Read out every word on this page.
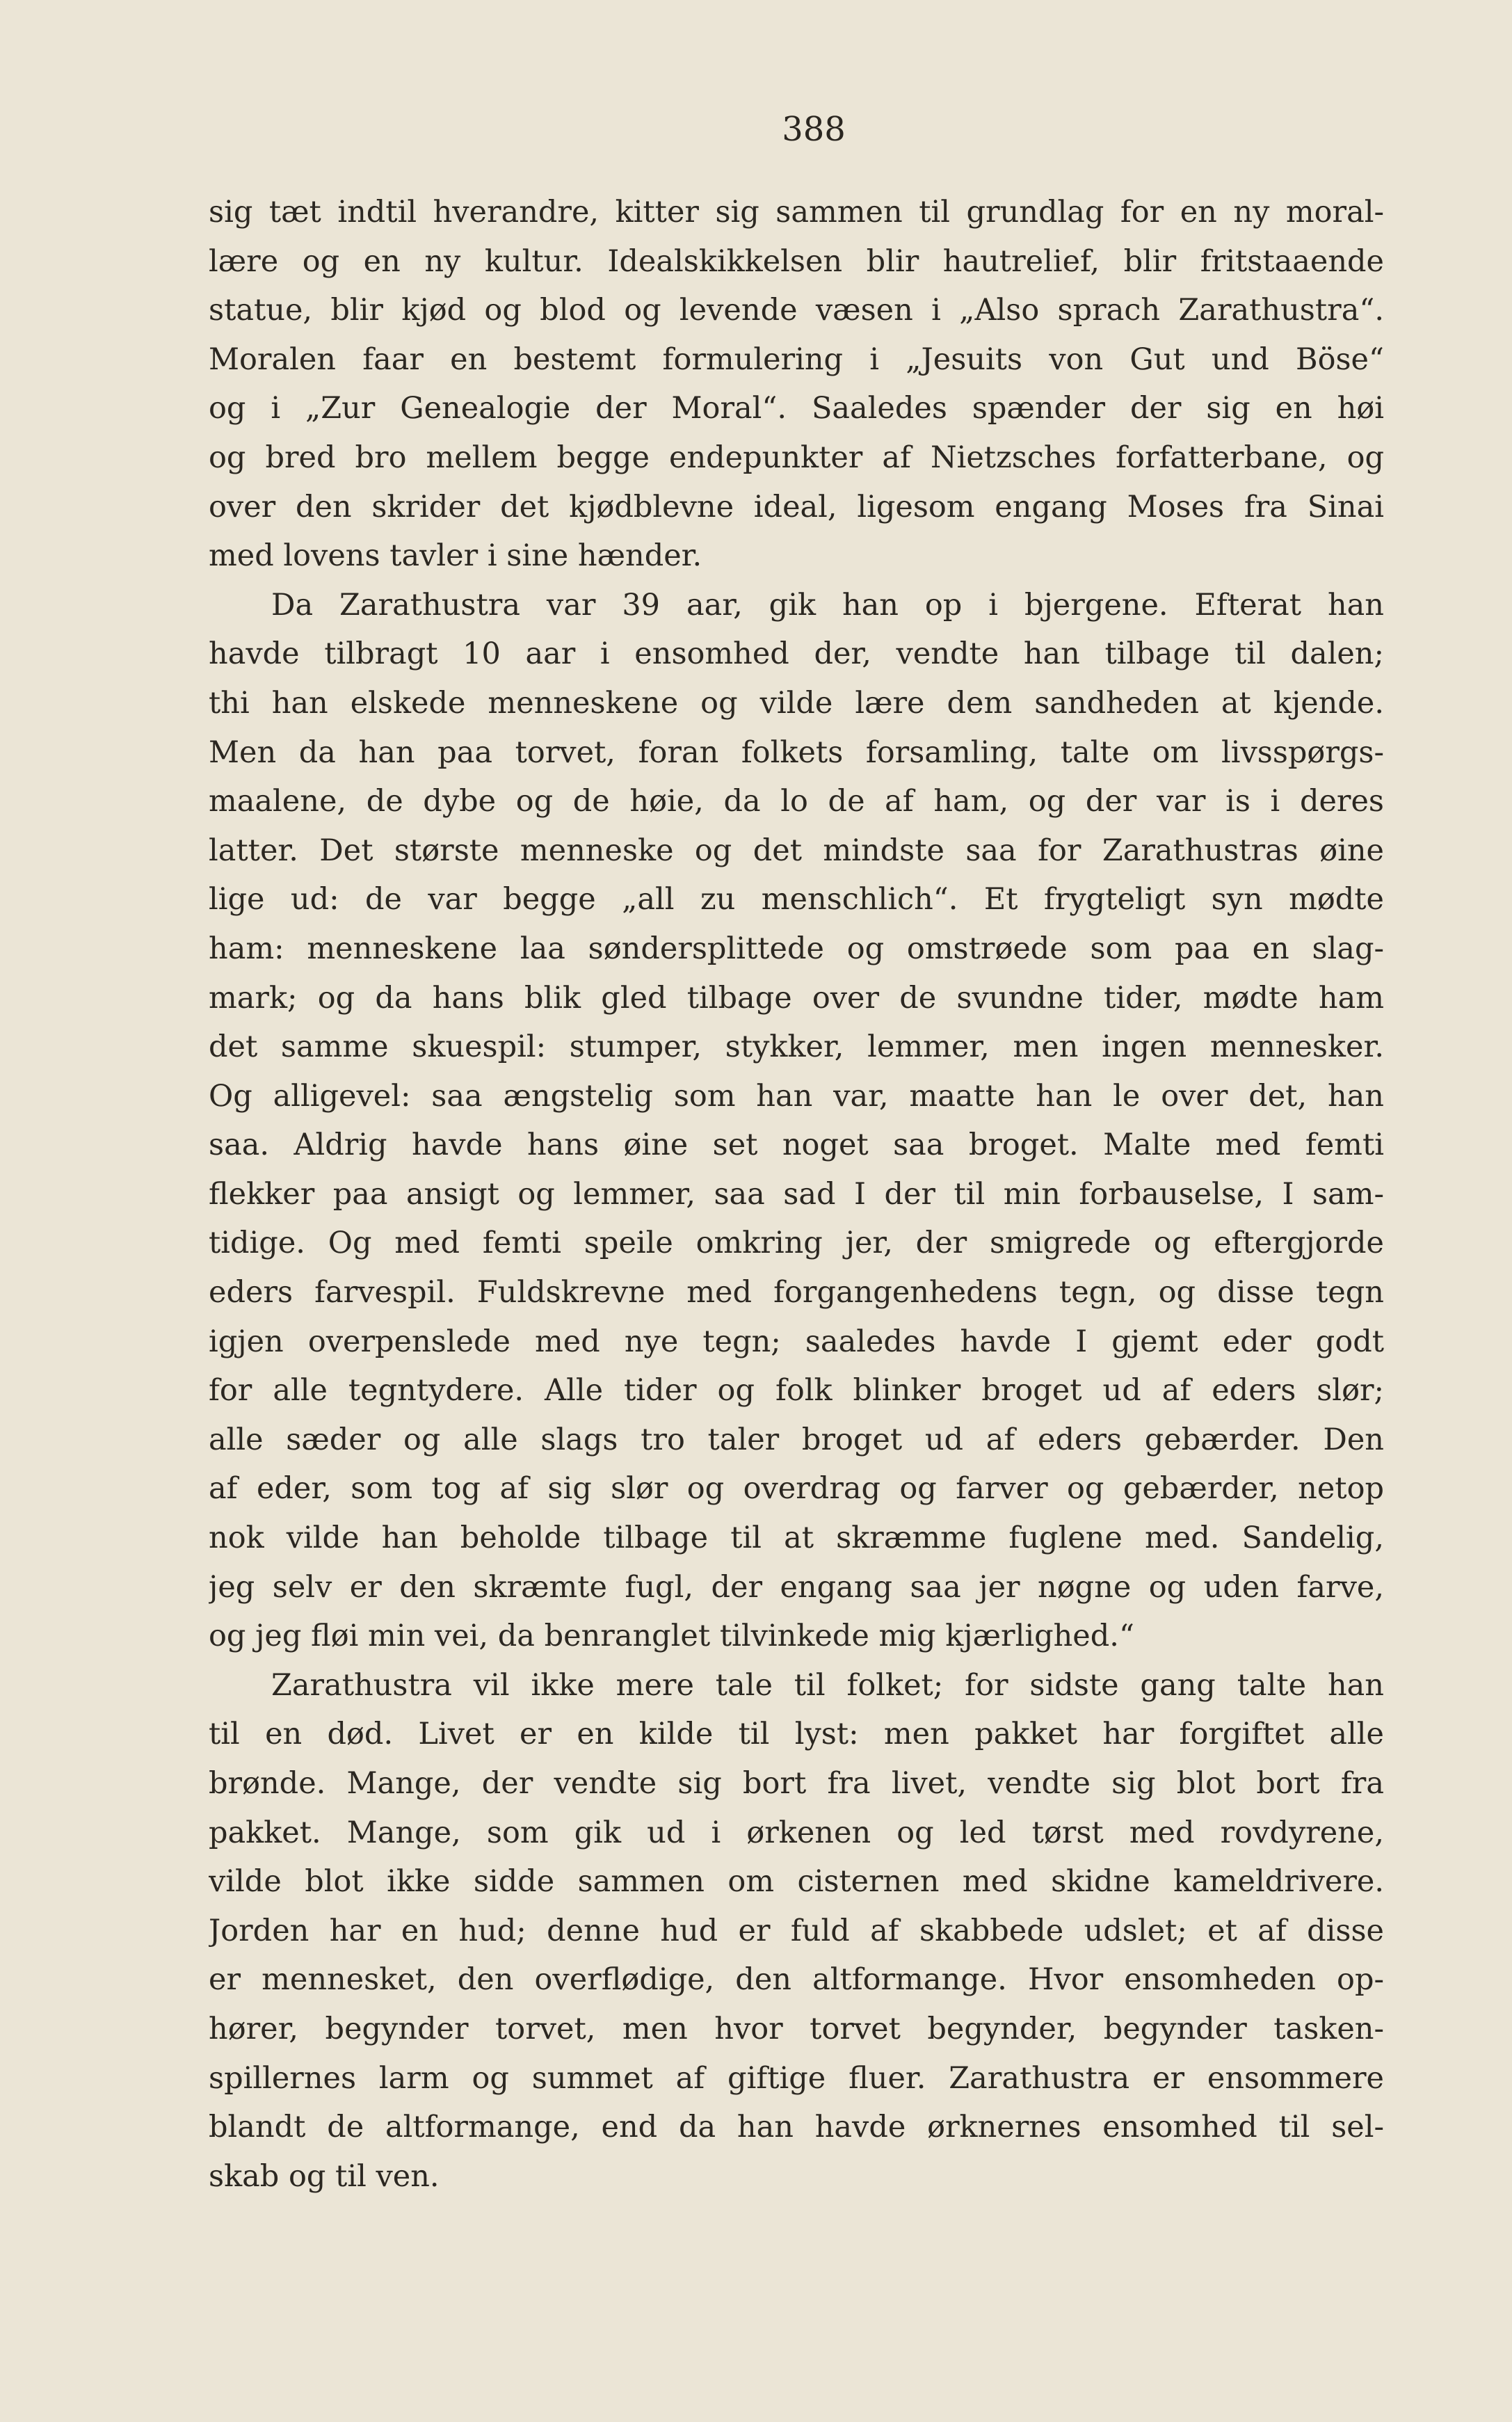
388
sig tæt indtil hverandre, kitter sig sammen til grundlag for en ny moral-
lære og en ny kultur. Idealskikkelsen blir hautrelief, blir fritstaaende
statue, blir kjød og blod og levende væsen i „Also sprach Zarathustra“.
Moralen faar en bestemt formulering i „Jesuits von Gut und Böse“
og i „Zur Genealogie der Moral“. Saaledes spænder der sig en høi
og bred bro mellem begge endepunkter af Nietzsches forfatterbane, og
over den skrider det kjødblevne ideal, ligesom engang Moses fra Sinai
med lovens tavler i sine hænder.
Da Zarathustra var 39 aar, gik han op i bjergene. Efterat han
havde tilbragt 10 aar i ensomhed der, vendte han tilbage til dalen;
thi han elskede menneskene og vilde lære dem sandheden at kjende.
Men da han paa torvet, foran folkets forsamling, talte om livsspørgs-
maalene, de dybe og de høie, da lo de af ham, og der var is i deres
latter. Det største menneske og det mindste saa for Zarathustras øine
lige ud: de var begge „all zu menschlich“. Et frygteligt syn mødte
ham: menneskene laa søndersplittede og omstrøede som paa en slag-
mark; og da hans blik gled tilbage over de svundne tider, mødte ham
det samme skuespil: stumper, stykker, lemmer, men ingen mennesker.
Og alligevel: saa ængstelig som han var, maatte han le over det, han
saa. Aldrig havde hans øine set noget saa broget. Malte med femti
flekker paa ansigt og lemmer, saa sad I der til min forbauselse, I sam-
tidige. Og med femti speile omkring jer, der smigrede og eftergjorde
eders farvespil. Fuldskrevne med forgangenhedens tegn, og disse tegn
igjen overpenslede med nye tegn; saaledes havde I gjemt eder godt
for alle tegntydere. Alle tider og folk blinker broget ud af eders slør;
alle sæder og alle slags tro taler broget ud af eders gebærder. Den
af eder, som tog af sig slør og overdrag og farver og gebærder, netop
nok vilde han beholde tilbage til at skræmme fuglene med. Sandelig,
jeg selv er den skræmte fugl, der engang saa jer nøgne og uden farve,
og jeg fløi min vei, da benranglet tilvinkede mig kjærlighed.“
Zarathustra vil ikke mere tale til folket; for sidste gang talte han
til en død. Livet er en kilde til lyst: men pakket har forgiftet alle
brønde. Mange, der vendte sig bort fra livet, vendte sig blot bort fra
pakket. Mange, som gik ud i ørkenen og led tørst med rovdyrene,
vilde blot ikke sidde sammen om cisternen med skidne kameldrivere.
Jorden har en hud; denne hud er fuld af skabbede udslet; et af disse
er mennesket, den overflødige, den altformange. Hvor ensomheden op-
hører, begynder torvet, men hvor torvet begynder, begynder tasken-
spillernes larm og summet af giftige fluer. Zarathustra er ensommere
blandt de altformange, end da han havde ørknernes ensomhed til sel-
skab og til ven.
